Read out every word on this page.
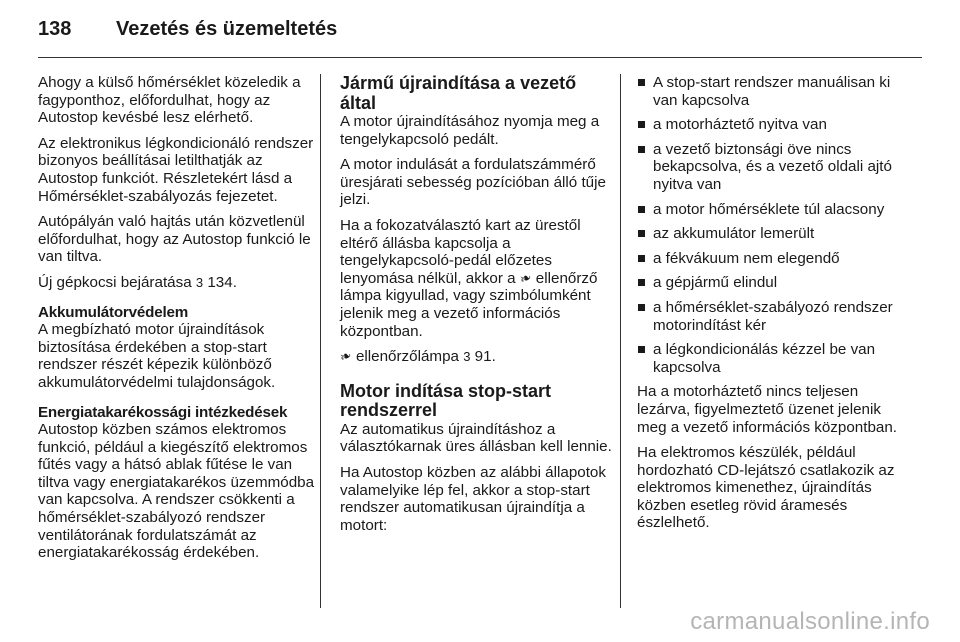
138	Vezetés és üzemeltetés

Ahogy a külső hőmérséklet közeledik a fagyponthoz, előfordulhat, hogy az Autostop kevésbé lesz elérhető.

Az elektronikus légkondicionáló rendszer bizonyos beállításai letilthatják az Autostop funkciót. Részletekért lásd a Hőmérséklet-szabályozás fejezetet.

Autópályán való hajtás után közvetlenül előfordulhat, hogy az Autostop funkció le van tiltva.

Új gépkocsi bejáratása 3 134.

Akkumulátorvédelem

A megbízható motor újraindítások biztosítása érdekében a stop-start rendszer részét képezik különböző akkumulátorvédelmi tulajdonságok.

Energiatakarékossági intézkedések

Autostop közben számos elektromos funkció, például a kiegészítő elektromos fűtés vagy a hátsó ablak fűtése le van tiltva vagy energiatakarékos üzemmódba van kapcsolva. A rendszer csökkenti a hőmérséklet-szabályozó rendszer ventilátorának fordulatszámát az energiatakarékosság érdekében.

Jármű újraindítása a vezető által

A motor újraindításához nyomja meg a tengelykapcsoló pedált.

A motor indulását a fordulatszámmérő üresjárati sebesség pozícióban álló tűje jelzi.

Ha a fokozatválasztó kart az ürestől eltérő állásba kapcsolja a tengelykapcsoló-pedál előzetes lenyomása nélkül, akkor a ❧ ellenőrző lámpa kigyullad, vagy szimbólumként jelenik meg a vezető információs központban.

❧ ellenőrzőlámpa 3 91.

Motor indítása stop-start rendszerrel

Az automatikus újraindításhoz a választókarnak üres állásban kell lennie.

Ha Autostop közben az alábbi állapotok valamelyike lép fel, akkor a stop-start rendszer automatikusan újraindítja a motort:

A stop-start rendszer manuálisan ki van kapcsolva
a motorháztető nyitva van
a vezető biztonsági öve nincs bekapcsolva, és a vezető oldali ajtó nyitva van
a motor hőmérséklete túl alacsony
az akkumulátor lemerült
a fékvákuum nem elegendő
a gépjármű elindul
a hőmérséklet-szabályozó rendszer motorindítást kér
a légkondicionálás kézzel be van kapcsolva

Ha a motorháztető nincs teljesen lezárva, figyelmeztető üzenet jelenik meg a vezető információs központban.

Ha elektromos készülék, például hordozható CD-lejátszó csatlakozik az elektromos kimenethez, újraindítás közben esetleg rövid áramesés észlelhető.

carmanualsonline.info
